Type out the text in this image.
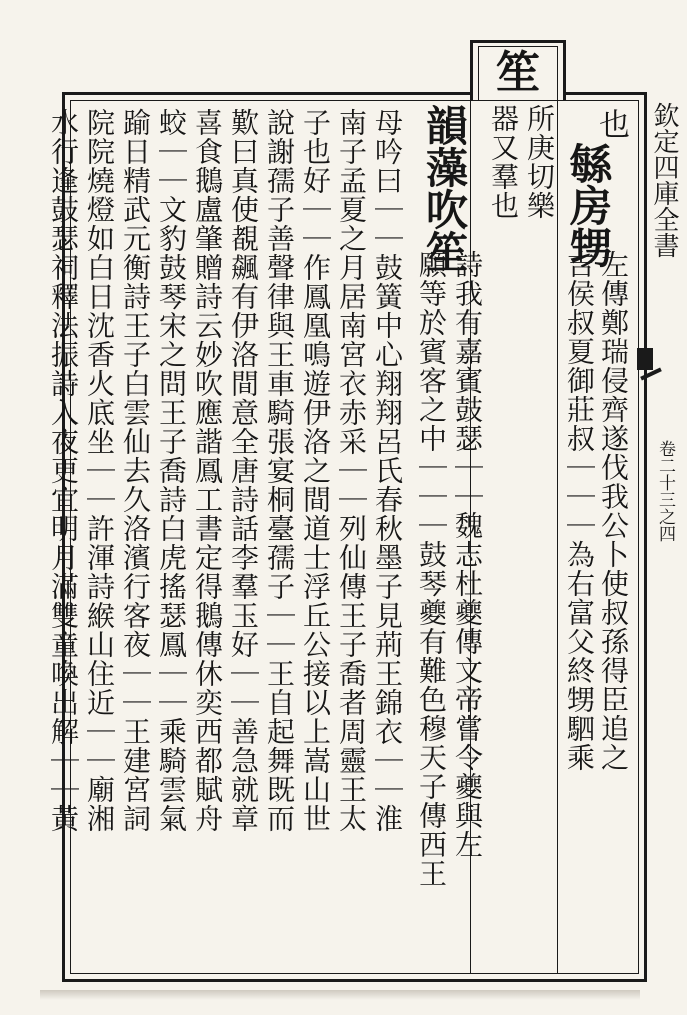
笙
欽定四庫全書
卷二十三之四
也
緐房甥
左傳鄭瑞侵齊遂伐我公卜使叔孫得臣追之
吉侯叔夏御莊叔｜｜｜為右富父終甥駟乘
所庚切樂
器又羣也
韻藻吹笙
詩我有嘉賓鼓瑟｜｜魏志杜夔傳文帝嘗令夔與左
願等於賓客之中｜｜｜鼓琴夔有難色穆天子傳西王
母吟曰｜｜鼓簧中心翔翔呂氏春秋墨子見荊王錦衣｜｜淮
南子孟夏之月居南宮衣赤采｜｜列仙傳王子喬者周靈王太
子也好｜｜作鳳凰鳴遊伊洛之間道士浮丘公接以上嵩山世
說謝孺子善聲律與王車騎張宴桐臺孺子｜｜王自起舞既而
歎曰真使覩飆有伊洛間意全唐詩話李羣玉好｜｜善急就章
喜食鵝盧肇贈詩云妙吹應諧鳳工書定得鵝傳休奕西都賦舟
蛟｜｜文豹鼓琴宋之問王子喬詩白虎搖瑟鳳｜｜乘騎雲氣
踰日精武元衡詩王子白雲仙去久洛濱行客夜｜｜王建宮詞
院院燒燈如白日沈香火底坐｜｜許渾詩緱山住近｜｜廟湘
水行逢鼓瑟祠釋法振詩入夜更宜明月滿雙童喚出解｜｜黃
